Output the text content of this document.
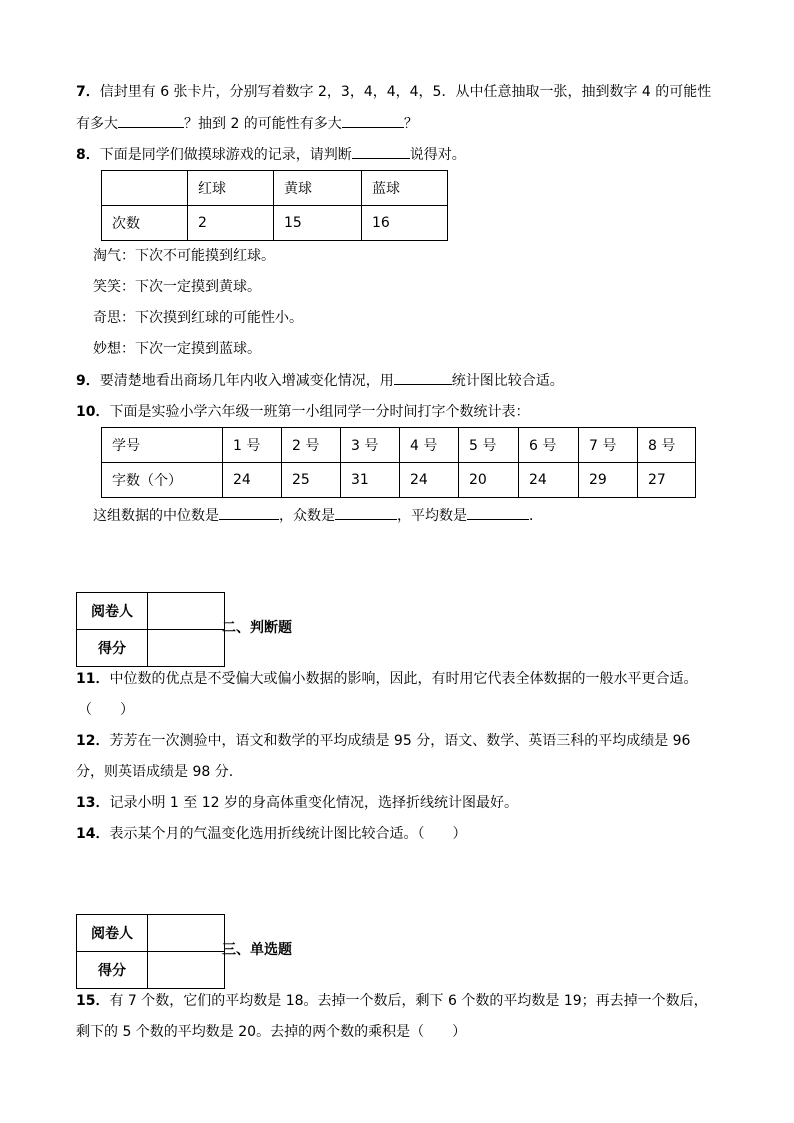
7．信封里有 6 张卡片，分别写着数字 2，3，4，4，4，5．从中任意抽取一张，抽到数字 4 的可能性
有多大	？抽到 2 的可能性有多大	？
8．下面是同学们做摸球游戏的记录，请判断	说得对。
	红球	黄球	蓝球
次数	2	15	16
淘气：下次不可能摸到红球。
笑笑：下次一定摸到黄球。
奇思：下次摸到红球的可能性小。
妙想：下次一定摸到蓝球。
9．要清楚地看出商场几年内收入增减变化情况，用	统计图比较合适。
10．下面是实验小学六年级一班第一小组同学一分时间打字个数统计表：
学号	1 号	2 号	3 号	4 号	5 号	6 号	7 号	8 号
字数（个）	24	25	31	24	20	24	29	27
这组数据的中位数是	，众数是	，平均数是	．
阅卷人	
得分	
二、判断题
11．中位数的优点是不受偏大或偏小数据的影响，因此，有时用它代表全体数据的一般水平更合适。
（　　）
12．芳芳在一次测验中，语文和数学的平均成绩是 95 分，语文、数学、英语三科的平均成绩是 96
分，则英语成绩是 98 分.
13．记录小明 1 至 12 岁的身高体重变化情况，选择折线统计图最好。
14．表示某个月的气温变化选用折线统计图比较合适。（　　）
阅卷人	
得分	
三、单选题
15．有 7 个数，它们的平均数是 18。去掉一个数后，剩下 6 个数的平均数是 19；再去掉一个数后，
剩下的 5 个数的平均数是 20。去掉的两个数的乘积是（　　）
